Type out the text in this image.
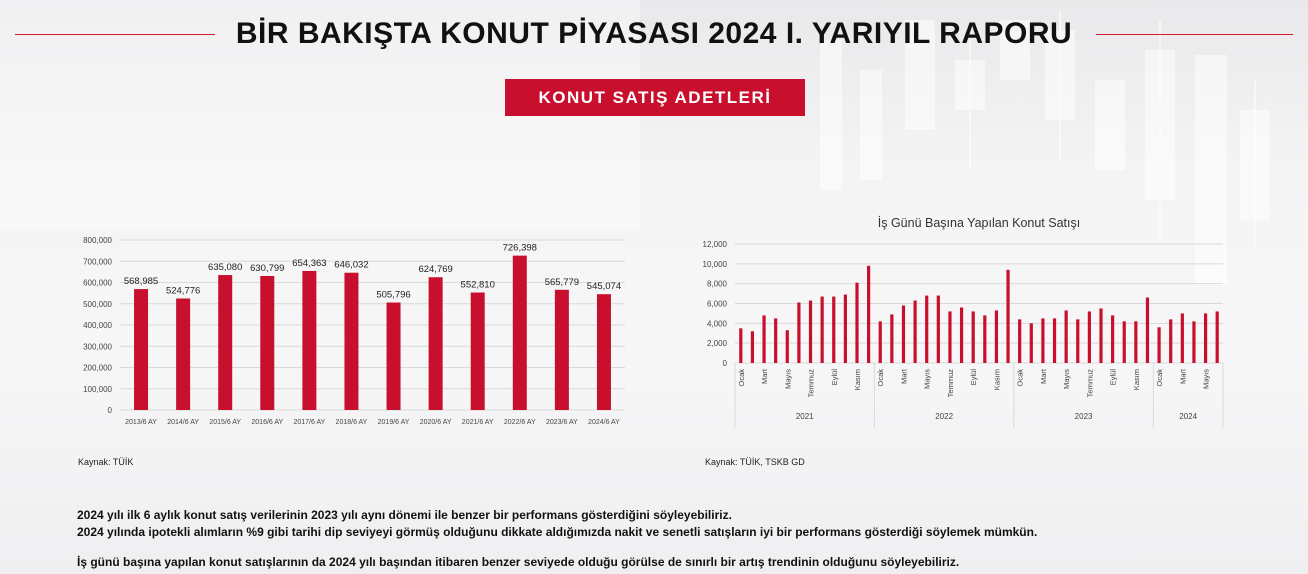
BİR BAKIŞTA KONUT PİYASASI 2024 I. YARIYIL RAPORU
KONUT SATIŞ ADETLERİ
0
100,000
200,000
300,000
400,000
500,000
600,000
700,000
800,000
568,985
2013/6 AY
524,776
2014/6 AY
635,080
2015/6 AY
630,799
2016/6 AY
654,363
2017/6 AY
646,032
2018/6 AY
505,796
2019/6 AY
624,769
2020/6 AY
552,810
2021/6 AY
726,398
2022/6 AY
565,779
2023/6 AY
545,074
2024/6 AY
İş Günü Başına Yapılan Konut Satışı
0
2,000
4,000
6,000
8,000
10,000
12,000
Ocak Mart Mayıs Temmuz Eylül Kasım Ocak Mart Mayıs Temmuz Eylül Kasım Ocak Mart Mayıs Temmuz Eylül Kasım Ocak Mart Mayıs
2021	2022	2023	2024
Kaynak: TÜİK	Kaynak: TÜİK, TSKB GD
2024 yılı ilk 6 aylık konut satış verilerinin 2023 yılı aynı dönemi ile benzer bir performans gösterdiğini söyleyebiliriz.
2024 yılında ipotekli alımların %9 gibi tarihi dip seviyeyi görmüş olduğunu dikkate aldığımızda nakit ve senetli satışların iyi bir performans gösterdiği söylemek mümkün.
İş günü başına yapılan konut satışlarının da 2024 yılı başından itibaren benzer seviyede olduğu görülse de sınırlı bir artış trendinin olduğunu söyleyebiliriz.
